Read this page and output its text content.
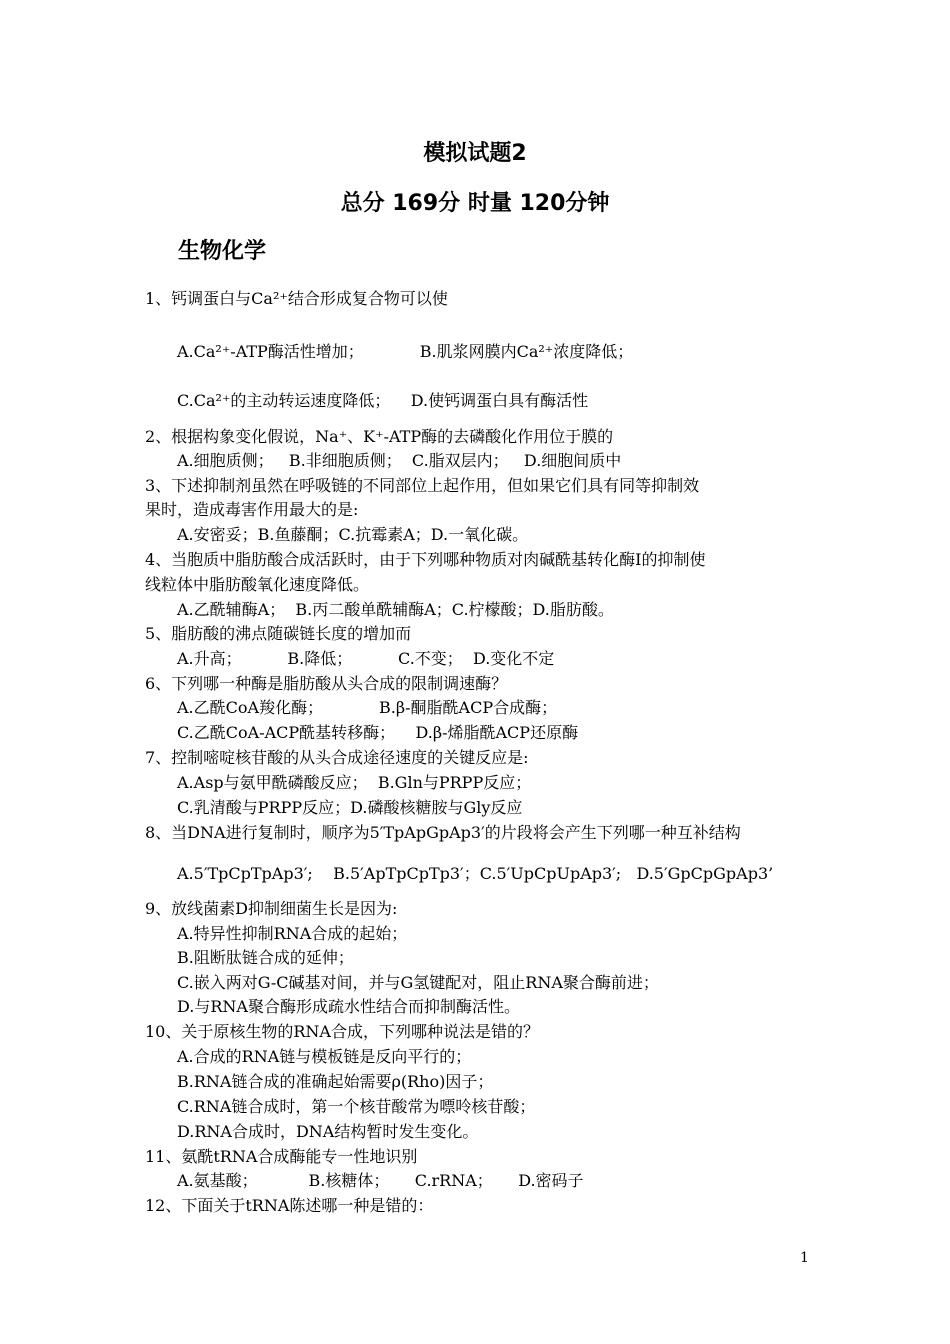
模拟试题2
总分 169分 时量 120分钟
生物化学
1、钙调蛋白与Ca²⁺结合形成复合物可以使
A.Ca²⁺-ATP酶活性增加；           B.肌浆网膜内Ca²⁺浓度降低；
C.Ca²⁺的主动转运速度降低；    D.使钙调蛋白具有酶活性
2、根据构象变化假说，Na⁺、K⁺-ATP酶的去磷酸化作用位于膜的
A.细胞质侧；   B.非细胞质侧；  C.脂双层内；   D.细胞间质中
3、下述抑制剂虽然在呼吸链的不同部位上起作用，但如果它们具有同等抑制效
果时，造成毒害作用最大的是:
A.安密妥；B.鱼藤酮；C.抗霉素A；D.一氧化碳。
4、当胞质中脂肪酸合成活跃时，由于下列哪种物质对肉碱酰基转化酶Ⅰ的抑制使
线粒体中脂肪酸氧化速度降低。
A.乙酰辅酶A；  B.丙二酸单酰辅酶A；C.柠檬酸；D.脂肪酸。
5、脂肪酸的沸点随碳链长度的增加而
A.升高；         B.降低；         C.不变；  D.变化不定
6、下列哪一种酶是脂肪酸从头合成的限制调速酶？
A.乙酰CoA羧化酶；           B.β-酮脂酰ACP合成酶；
C.乙酰CoA-ACP酰基转移酶；    D.β-烯脂酰ACP还原酶
7、控制嘧啶核苷酸的从头合成途径速度的关键反应是:
A.Asp与氨甲酰磷酸反应；  B.Gln与PRPP反应；
C.乳清酸与PRPP反应；D.磷酸核糖胺与Gly反应
8、当DNA进行复制时，顺序为5′TpApGpAp3′的片段将会产生下列哪一种互补结构
A.5′TpCpTpAp3′;    B.5′ApTpCpTp3′；C.5′UpCpUpAp3′;   D.5′GpCpGpAp3’
9、放线菌素D抑制细菌生长是因为:
A.特异性抑制RNA合成的起始；
B.阻断肽链合成的延伸；
C.嵌入两对G-C碱基对间，并与G氢键配对，阻止RNA聚合酶前进；
D.与RNA聚合酶形成疏水性结合而抑制酶活性。
10、关于原核生物的RNA合成，下列哪种说法是错的？
A.合成的RNA链与模板链是反向平行的；
B.RNA链合成的准确起始需要ρ(Rho)因子；
C.RNA链合成时，第一个核苷酸常为嘌呤核苷酸；
D.RNA合成时，DNA结构暂时发生变化。
11、氨酰tRNA合成酶能专一性地识别
A.氨基酸；          B.核糖体；     C.rRNA；     D.密码子
12、下面关于tRNA陈述哪一种是错的：
1
